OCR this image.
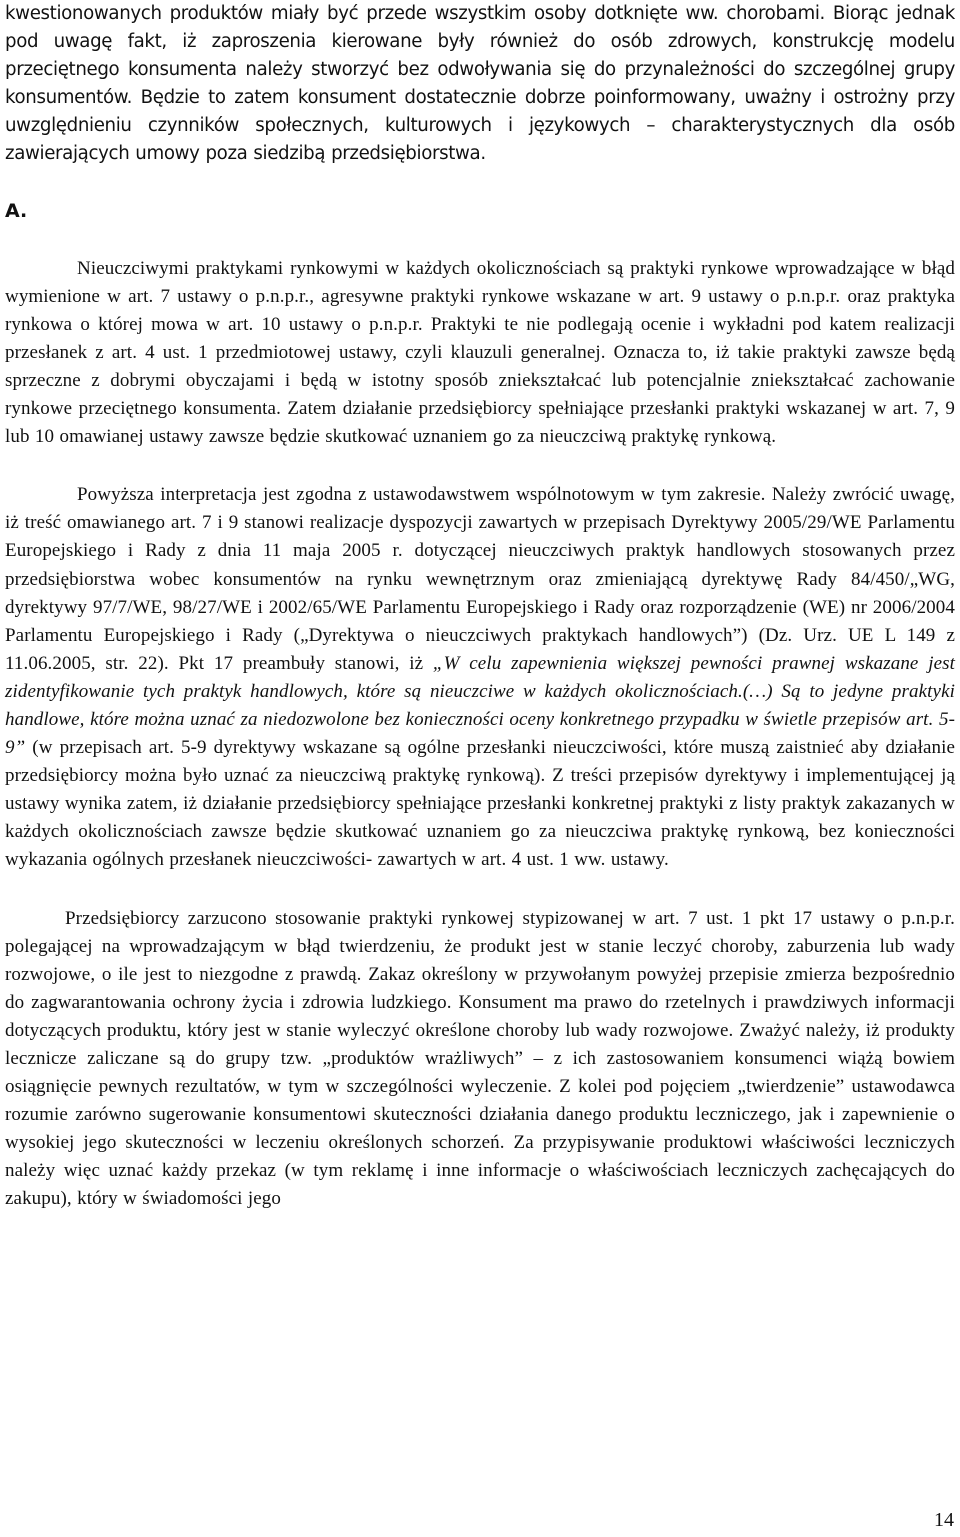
kwestionowanych produktów miały być przede wszystkim osoby dotknięte ww. chorobami. Biorąc jednak pod uwagę fakt, iż zaproszenia kierowane były również do osób zdrowych, konstrukcję modelu przeciętnego konsumenta należy stworzyć bez odwoływania się do przynależności do szczególnej grupy konsumentów. Będzie to zatem konsument dostatecznie dobrze poinformowany, uważny i ostrożny przy uwzględnieniu czynników społecznych, kulturowych i językowych – charakterystycznych dla osób zawierających umowy poza siedzibą przedsiębiorstwa.

A.

Nieuczciwymi praktykami rynkowymi w każdych okolicznościach są praktyki rynkowe wprowadzające w błąd wymienione w art. 7 ustawy o p.n.p.r., agresywne praktyki rynkowe wskazane w art. 9 ustawy o p.n.p.r. oraz praktyka rynkowa o której mowa w art. 10 ustawy o p.n.p.r. Praktyki te nie podlegają ocenie i wykładni pod katem realizacji przesłanek z art. 4 ust. 1 przedmiotowej ustawy, czyli klauzuli generalnej. Oznacza to, iż takie praktyki zawsze będą sprzeczne z dobrymi obyczajami i będą w istotny sposób zniekształcać lub potencjalnie zniekształcać zachowanie rynkowe przeciętnego konsumenta. Zatem działanie przedsiębiorcy spełniające przesłanki praktyki wskazanej w art. 7, 9 lub 10 omawianej ustawy zawsze będzie skutkować uznaniem go za nieuczciwą praktykę rynkową.

Powyższa interpretacja jest zgodna z ustawodawstwem wspólnotowym w tym zakresie. Należy zwrócić uwagę, iż treść omawianego art. 7 i 9 stanowi realizacje dyspozycji zawartych w przepisach Dyrektywy 2005/29/WE Parlamentu Europejskiego i Rady z dnia 11 maja 2005 r. dotyczącej nieuczciwych praktyk handlowych stosowanych przez przedsiębiorstwa wobec konsumentów na rynku wewnętrznym oraz zmieniającą dyrektywę Rady 84/450/„WG, dyrektywy 97/7/WE, 98/27/WE i 2002/65/WE Parlamentu Europejskiego i Rady oraz rozporządzenie (WE) nr 2006/2004 Parlamentu Europejskiego i Rady („Dyrektywa o nieuczciwych praktykach handlowych”) (Dz. Urz. UE L 149 z 11.06.2005, str. 22). Pkt 17 preambuły stanowi, iż „W celu zapewnienia większej pewności prawnej wskazane jest zidentyfikowanie tych praktyk handlowych, które są nieuczciwe w każdych okolicznościach.(…) Są to jedyne praktyki handlowe, które można uznać za niedozwolone bez konieczności oceny konkretnego przypadku w świetle przepisów art. 5-9” (w przepisach art. 5-9 dyrektywy wskazane są ogólne przesłanki nieuczciwości, które muszą zaistnieć aby działanie przedsiębiorcy można było uznać za nieuczciwą praktykę rynkową). Z treści przepisów dyrektywy i implementującej ją ustawy wynika zatem, iż działanie przedsiębiorcy spełniające przesłanki konkretnej praktyki z listy praktyk zakazanych w każdych okolicznościach zawsze będzie skutkować uznaniem go za nieuczciwa praktykę rynkową, bez konieczności wykazania ogólnych przesłanek nieuczciwości- zawartych w art. 4 ust. 1 ww. ustawy.

Przedsiębiorcy zarzucono stosowanie praktyki rynkowej stypizowanej w art. 7 ust. 1 pkt 17 ustawy o p.n.p.r. polegającej na wprowadzającym w błąd twierdzeniu, że produkt jest w stanie leczyć choroby, zaburzenia lub wady rozwojowe, o ile jest to niezgodne z prawdą. Zakaz określony w przywołanym powyżej przepisie zmierza bezpośrednio do zagwarantowania ochrony życia i zdrowia ludzkiego. Konsument ma prawo do rzetelnych i prawdziwych informacji dotyczących produktu, który jest w stanie wyleczyć określone choroby lub wady rozwojowe. Zważyć należy, iż produkty lecznicze zaliczane są do grupy tzw. „produktów wrażliwych” – z ich zastosowaniem konsumenci wiążą bowiem osiągnięcie pewnych rezultatów, w tym w szczególności wyleczenie. Z kolei pod pojęciem „twierdzenie” ustawodawca rozumie zarówno sugerowanie konsumentowi skuteczności działania danego produktu leczniczego, jak i zapewnienie o wysokiej jego skuteczności w leczeniu określonych schorzeń. Za przypisywanie produktowi właściwości leczniczych należy więc uznać każdy przekaz (w tym reklamę i inne informacje o właściwościach leczniczych zachęcających do zakupu), który w świadomości jego

14
